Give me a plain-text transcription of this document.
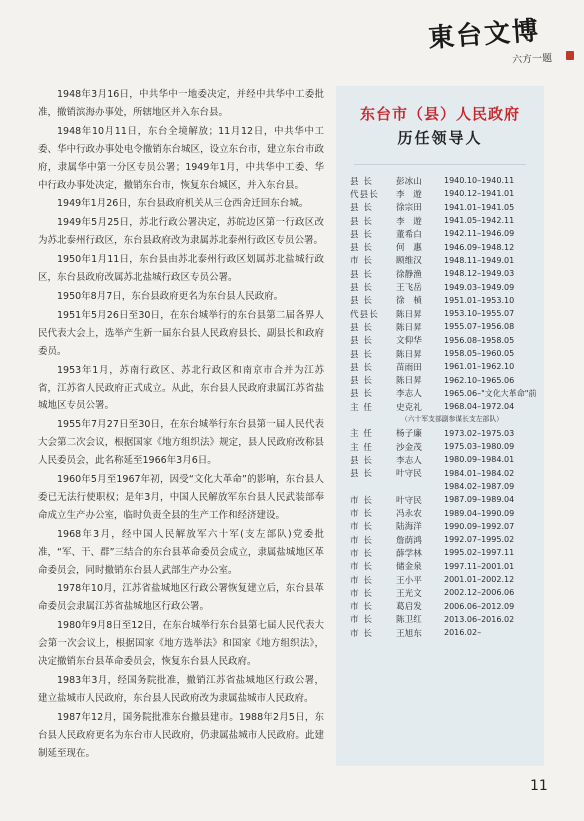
東台文博
六方一题

1948年3月16日，中共华中一地委决定，并经中共华中工委批准，撤销滨海办事处，所辖地区并入东台县。

1948年10月11日，东台全境解放；11月12日，中共华中工委、华中行政办事处电令撤销东台城区，设立东台市，建立东台市政府，隶属华中第一分区专员公署；1949年1月，中共华中工委、华中行政办事处决定，撤销东台市，恢复东台城区，并入东台县。

1949年1月26日，东台县政府机关从三仓西舍迁回东台城。

1949年5月25日，苏北行政公署决定，苏皖边区第一行政区改为苏北泰州行政区，东台县政府改为隶属苏北泰州行政区专员公署。

1950年1月11日，东台县由苏北泰州行政区划属苏北盐城行政区，东台县政府改属苏北盐城行政区专员公署。

1950年8月7日，东台县政府更名为东台县人民政府。

1951年5月26日至30日，在东台城举行的东台县第二届各界人民代表大会上，选举产生新一届东台县人民政府县长、副县长和政府委员。

1953年1月，苏南行政区、苏北行政区和南京市合并为江苏省，江苏省人民政府正式成立。从此，东台县人民政府隶属江苏省盐城地区专员公署。

1955年7月27日至30日，在东台城举行东台县第一届人民代表大会第二次会议，根据国家《地方组织法》规定，县人民政府改称县人民委员会，此名称延至1966年3月6日。

1960年5月至1967年初，因受“文化大革命”的影响，东台县人委已无法行使职权；是年3月，中国人民解放军东台县人民武装部奉命成立生产办公室，临时负责全县的生产工作和经济建设。

1968年3月，经中国人民解放军六十军(支左部队)党委批准，“军、干、群”三结合的东台县革命委员会成立，隶属盐城地区革命委员会，同时撤销东台县人武部生产办公室。

1978年10月，江苏省盐城地区行政公署恢复建立后，东台县革命委员会隶属江苏省盐城地区行政公署。

1980年9月8日至12日，在东台城举行东台县第七届人民代表大会第一次会议上，根据国家《地方选举法》和国家《地方组织法》，决定撤销东台县革命委员会，恢复东台县人民政府。

1983年3月，经国务院批准，撤销江苏省盐城地区行政公署，建立盐城市人民政府，东台县人民政府改为隶属盐城市人民政府。

1987年12月，国务院批准东台撤县建市。1988年2月5日，东台县人民政府更名为东台市人民政府，仍隶属盐城市人民政府。此建制延至现在。

东台市（县）人民政府
历任领导人
县 长	彭冰山	1940.10–1940.11
代县长	李　遊	1940.12–1941.01
县 长	徐宗田	1941.01–1941.05
县 长	李　遊	1941.05–1942.11
县 长	董希白	1942.11–1946.09
县 长	何　惠	1946.09–1948.12
市 长	顾维汉	1948.11–1949.01
县 长	徐静渔	1948.12–1949.03
县 长	王飞岳	1949.03–1949.09
县 长	徐　楨	1951.01–1953.10
代县长	陈日昇	1953.10–1955.07
县 长	陈日昇	1955.07–1956.08
县 长	文仰华	1956.08–1958.05
县 长	陈日昇	1958.05–1960.05
县 长	苗雨田	1961.01–1962.10
县 长	陈日昇	1962.10–1965.06
县 长	李志人	1965.06–"文化大革命"前
主 任	史克礼	1968.04–1972.04
（六十军支部副参谋长支左部队）
主 任	杨子廉	1973.02–1975.03
主 任	沙金茂	1975.03–1980.09
县 长	李志人	1980.09–1984.01
县 长	叶守民	1984.01–1984.02
1984.02–1987.09
市 长	叶守民	1987.09–1989.04
市 长	冯永农	1989.04–1990.09
市 长	陆海洋	1990.09–1992.07
市 长	詹荫鸿	1992.07–1995.02
市 长	薛学林	1995.02–1997.11
市 长	储金泉	1997.11–2001.01
市 长	王小平	2001.01–2002.12
市 长	王光文	2002.12–2006.06
市 长	葛启发	2006.06–2012.09
市 长	陈卫红	2013.06–2016.02
市 长	王旭东	2016.02–
11
